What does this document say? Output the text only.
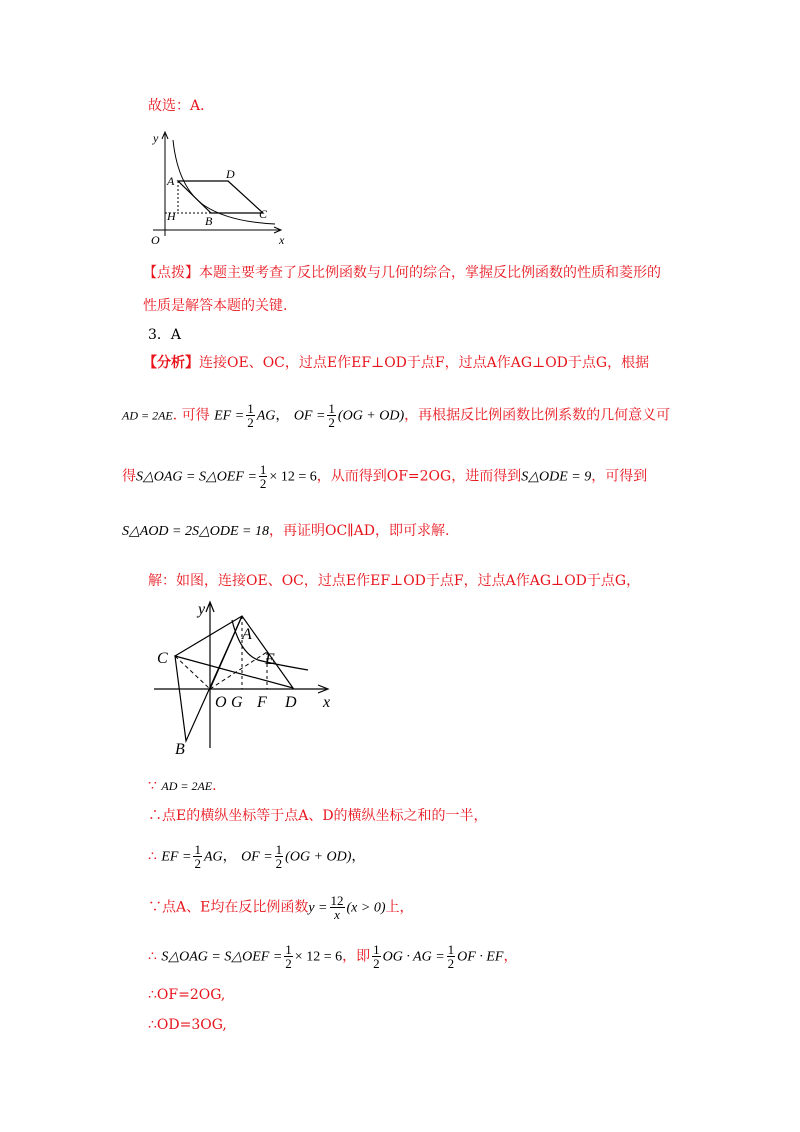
故选：A．
y
x
O
A	D
H B	C
【点拨】本题主要考查了反比例函数与几何的综合，掌握反比例函数的性质和菱形的
性质是解答本题的关键.
3．A
【分析】连接OE、OC，过点E作EF⊥OD于点F，过点A作AG⊥OD于点G，根据
AD = 2AE. 可得 EF = $\frac{1}{2}$ AG， OF = $\frac{1}{2} (OG + OD)$，再根据反比例函数比例系数的几何意义可
得S△OAG = S△OEF = $\frac{1}{2} \times 12 = 6$，从而得到OF=2OG，进而得到S△ODE = 9，可得到
S△AOD = 2S△ODE = 18，再证明OC∥AD，即可求解.
解：如图，连接OE、OC，过点E作EF⊥OD于点F，过点A作AG⊥OD于点G，
y
x
C
A
E
O G F D
B
∵ AD = 2AE.
∴点E的横纵坐标等于点A、D的横纵坐标之和的一半，
∴ EF = $\frac{1}{2}$ AG， OF = $\frac{1}{2} (OG + OD)$，
∵点A、E均在反比例函数$y = \frac{12}{x} (x > 0)$上，
∴ S△OAG = S△OEF = $\frac{1}{2} \times 12 = 6$，即 $\frac{1}{2}$ OG · AG = $\frac{1}{2}$ OF · EF，
∴OF=2OG,
∴OD=3OG,
